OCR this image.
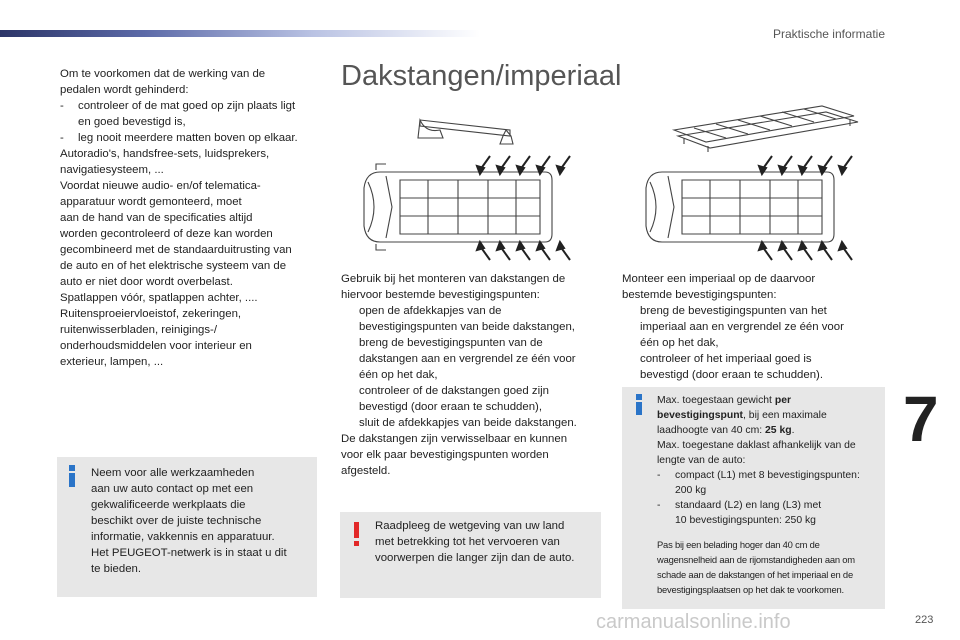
Praktische informatie
Om te voorkomen dat de werking van de
pedalen wordt gehinderd:
- controleer of de mat goed op zijn plaats ligt
en goed bevestigd is,
- leg nooit meerdere matten boven op elkaar.
Autoradio's, handsfree-sets, luidsprekers,
navigatiesysteem, ...
Voordat nieuwe audio- en/of telematica-
apparatuur wordt gemonteerd, moet
aan de hand van de specificaties altijd
worden gecontroleerd of deze kan worden
gecombineerd met de standaarduitrusting van
de auto en of het elektrische systeem van de
auto er niet door wordt overbelast.
Spatlappen vóór, spatlappen achter, ....
Ruitensproeiervloeistof, zekeringen,
ruitenwisserbladen, reinigings-/
onderhoudsmiddelen voor interieur en
exterieur, lampen, ...
Neem voor alle werkzaamheden
aan uw auto contact op met een
gekwalificeerde werkplaats die
beschikt over de juiste technische
informatie, vakkennis en apparatuur.
Het PEUGEOT-netwerk is in staat u dit
te bieden.
Dakstangen/imperiaal
Gebruik bij het monteren van dakstangen de
hiervoor bestemde bevestigingspunten:
open de afdekkapjes van de
bevestigingspunten van beide dakstangen,
breng de bevestigingspunten van de
dakstangen aan en vergrendel ze één voor
één op het dak,
controleer of de dakstangen goed zijn
bevestigd (door eraan te schudden),
sluit de afdekkapjes van beide dakstangen.
De dakstangen zijn verwisselbaar en kunnen
voor elk paar bevestigingspunten worden
afgesteld.
Raadpleeg de wetgeving van uw land
met betrekking tot het vervoeren van
voorwerpen die langer zijn dan de auto.
Monteer een imperiaal op de daarvoor
bestemde bevestigingspunten:
breng de bevestigingspunten van het
imperiaal aan en vergrendel ze één voor
één op het dak,
controleer of het imperiaal goed is
bevestigd (door eraan te schudden).
Max. toegestaan gewicht per
bevestigingspunt, bij een maximale
laadhoogte van 40 cm: 25 kg.
Max. toegestane daklast afhankelijk van de
lengte van de auto:
- compact (L1) met 8 bevestigingspunten:
200 kg
- standaard (L2) en lang (L3) met
10 bevestigingspunten: 250 kg
Pas bij een belading hoger dan 40 cm de
wagensnelheid aan de rijomstandigheden aan om
schade aan de dakstangen of het imperiaal en de
bevestigingsplaatsen op het dak te voorkomen.
7
carmanualsonline.info	223
